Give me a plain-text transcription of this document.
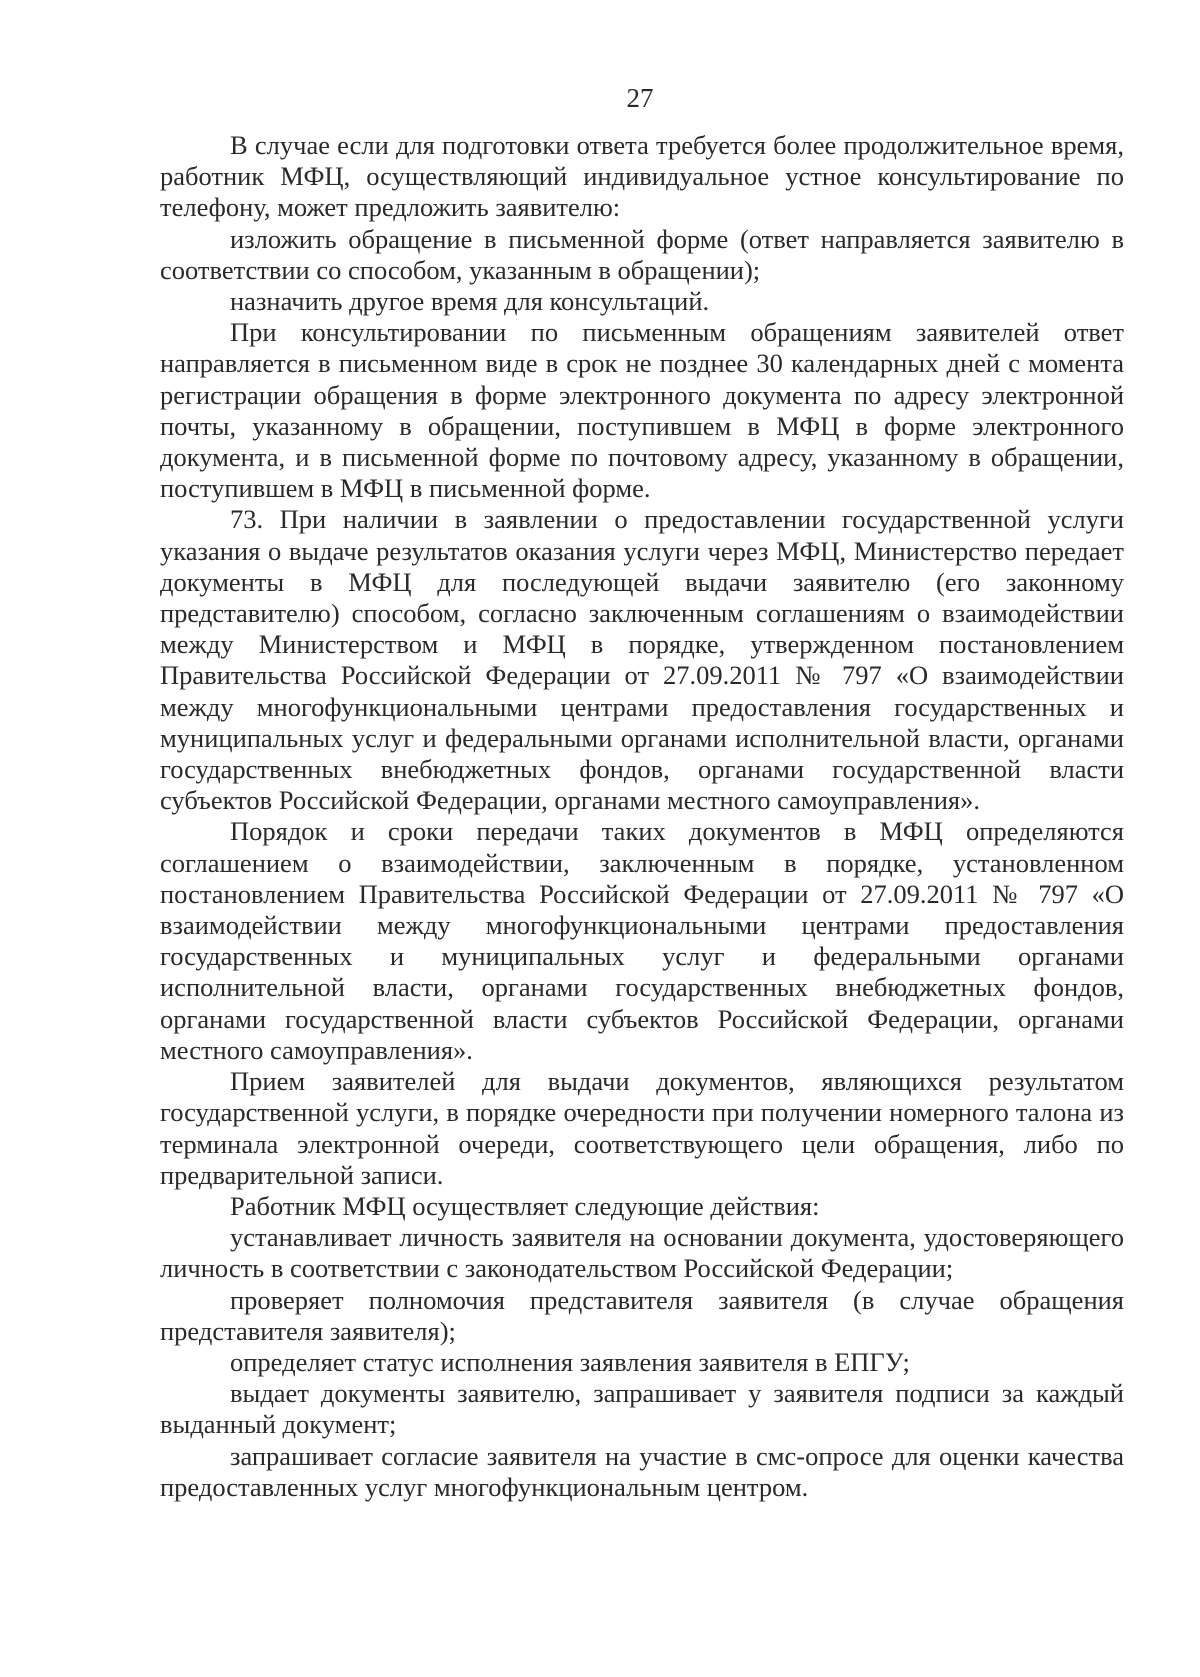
27

В случае если для подготовки ответа требуется более продолжительное время, работник МФЦ, осуществляющий индивидуальное устное консультирование по телефону, может предложить заявителю:

изложить обращение в письменной форме (ответ направляется заявителю в соответствии со способом, указанным в обращении);

назначить другое время для консультаций.

При консультировании по письменным обращениям заявителей ответ направляется в письменном виде в срок не позднее 30 календарных дней с момента регистрации обращения в форме электронного документа по адресу электронной почты, указанному в обращении, поступившем в МФЦ в форме электронного документа, и в письменной форме по почтовому адресу, указанному в обращении, поступившем в МФЦ в письменной форме.

73. При наличии в заявлении о предоставлении государственной услуги указания о выдаче результатов оказания услуги через МФЦ, Министерство передает документы в МФЦ для последующей выдачи заявителю (его законному представителю) способом, согласно заключенным соглашениям о взаимодействии между Министерством и МФЦ в порядке, утвержденном постановлением Правительства Российской Федерации от 27.09.2011 № 797 «О взаимодействии между многофункциональными центрами предоставления государственных и муниципальных услуг и федеральными органами исполнительной власти, органами государственных внебюджетных фондов, органами государственной власти субъектов Российской Федерации, органами местного самоуправления».

Порядок и сроки передачи таких документов в МФЦ определяются соглашением о взаимодействии, заключенным в порядке, установленном постановлением Правительства Российской Федерации от 27.09.2011 № 797 «О взаимодействии между многофункциональными центрами предоставления государственных и муниципальных услуг и федеральными органами исполнительной власти, органами государственных внебюджетных фондов, органами государственной власти субъектов Российской Федерации, органами местного самоуправления».

Прием заявителей для выдачи документов, являющихся результатом государственной услуги, в порядке очередности при получении номерного талона из терминала электронной очереди, соответствующего цели обращения, либо по предварительной записи.

Работник МФЦ осуществляет следующие действия:

устанавливает личность заявителя на основании документа, удостоверяющего личность в соответствии с законодательством Российской Федерации;

проверяет полномочия представителя заявителя (в случае обращения представителя заявителя);

определяет статус исполнения заявления заявителя в ЕПГУ;

выдает документы заявителю, запрашивает у заявителя подписи за каждый выданный документ;

запрашивает согласие заявителя на участие в смс-опросе для оценки качества предоставленных услуг многофункциональным центром.
